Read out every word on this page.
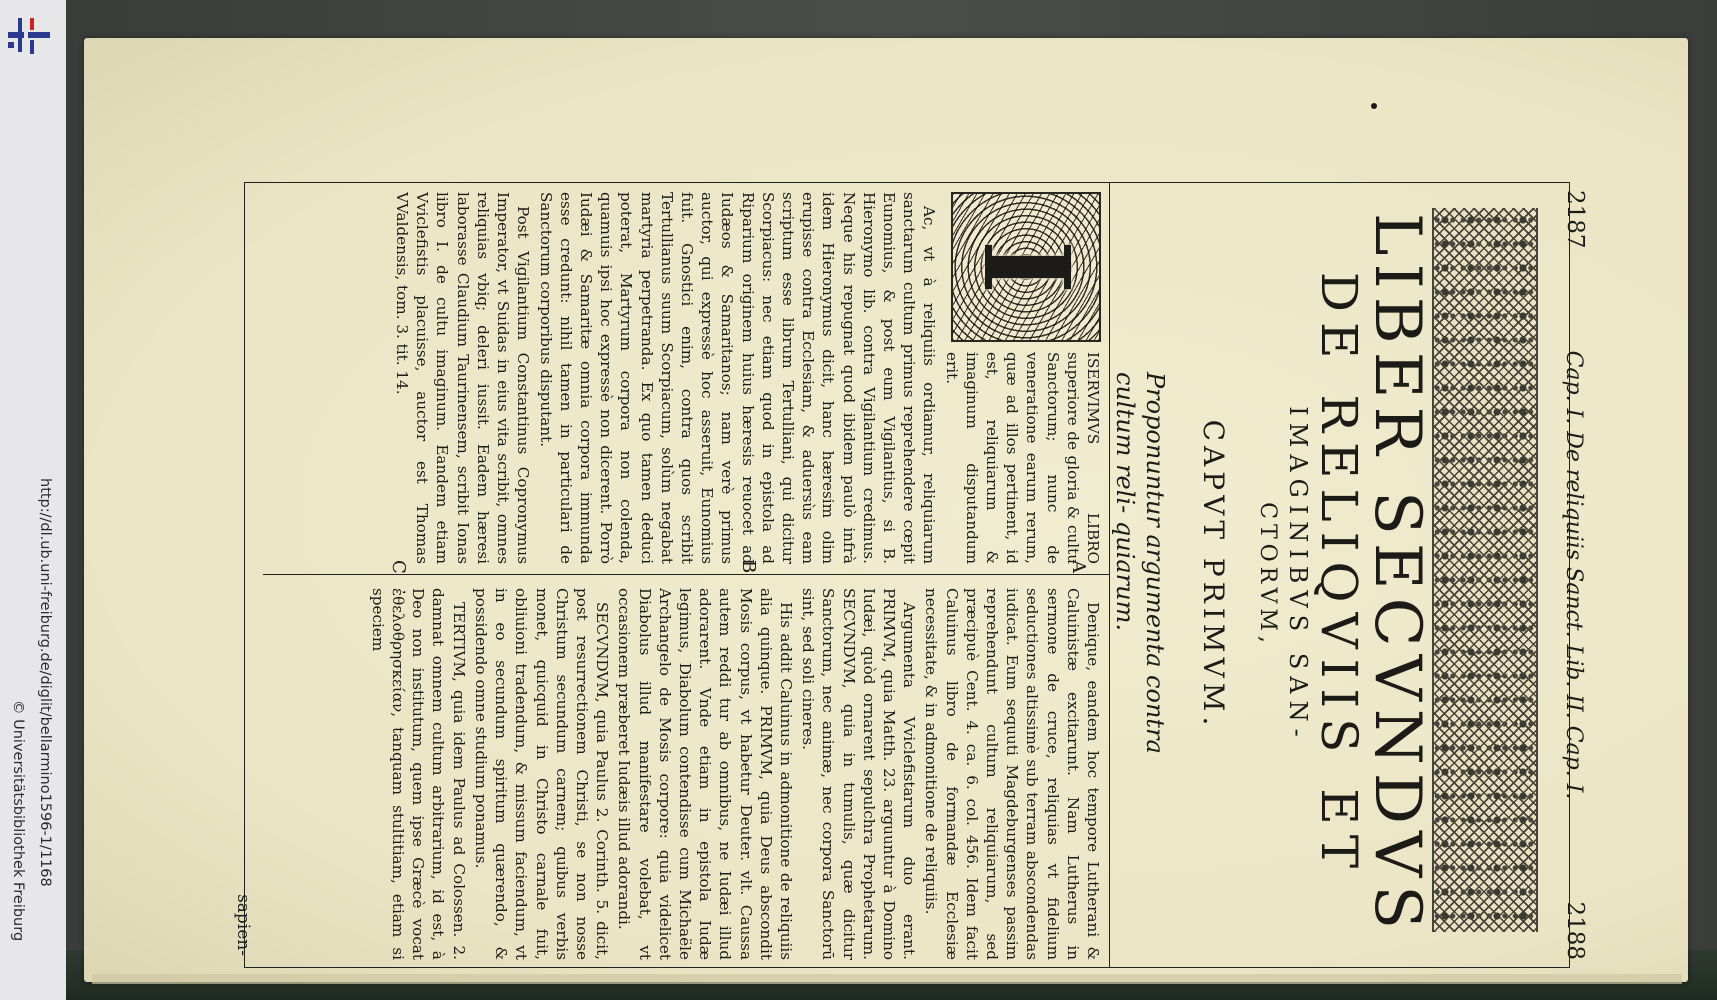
http://dl.ub.uni-freiburg.de/diglit/bellarmino1596-1/1168
© Universitätsbibliothek Freiburg
2187
Cap. I. De reliquiis Sanct. Lib. II. Cap. I.
2188
LIBER SECVNDVS
DE RELIQVIIS ET
IMAGINIBVS SAN-
CTORVM,
CAPVT PRIMVM.
Proponuntur argumenta contra cultum reli- quiarum.
I

ISERVIMVS LIBRO superiore de gloria & cultu Sanctorum; nunc de veneratione earum rerum, quæ ad illos pertinent, id est, reliquiarum & imaginum disputandum erit.

Ac, vt à reliquiis ordiamur, reliquiarum sanctarum cultum primus reprehendere cœpit Eunomius, & post eum Vigilantius, si B. Hieronymo lib. contra Vigilantium credimus. Neque his repugnat quod ibidem paulò infrà idem Hieronymus dicit, hanc hæresim olim erupisse contra Ecclesiam, & aduersùs eam scriptum esse librum Tertulliani, qui dicitur Scorpiacus: nec etiam quod in epistola ad Riparium originem huius hæresis reuocet ad Iudæos & Samaritanos; nam verè primus auctor, qui expressè hoc asseruit, Eunomius fuit. Gnostici enim, contra quos scribit Tertullianus suum Scorpiacum, solùm negabat martyria perpetranda. Ex quo tamen deduci poterat, Martyrum corpora non colenda, quamuis ipsi hoc expressè non dicerent. Porrò Iudæi & Samaritæ omnia corpora immunda esse credunt: nihil tamen in particulari de Sanctorum corporibus disputant.

Post Vigilantium Constantinus Copronymus Imperator, vt Suidas in eius vita scribit, omnes reliquias vbiq; deleri iussit. Eadem hæresi laborasse Claudium Taurinensem, scribit Ionas libro I. de cultu imaginum. Eandem etiam Vviclefistis placuisse, auctor est Thomas VValdensis, tom. 3. tit. 14.

A
B
C

Denique, eandem hoc tempore Lutherani & Caluinistæ excitarunt. Nam Lutherus in sermone de cruce, reliquias vt fidelium seductiones altissimè sub terram abscondendas iudicat. Eum sequuti Magdeburgenses passim reprehendunt cultum reliquiarum, sed præcipuè Cent. 4. ca. 6. col. 456. Idem facit Caluinus libro de formandæ Ecclesiæ necessitate, & in admonitione de reliquiis.

Argumenta Vviclefistarum duo erant. PRIMVM, quia Matth. 23. arguuntur à Domino Iudæi, quòd ornarent sepulchra Prophetarum. SECVNDVM, quia in tumulis, quæ dicitur Sanctorum, nec animæ, nec corpora Sanctorū sint, sed soli cineres.

His addit Caluinus in admonitione de reliquiis alia quinque. PRIMVM, quia Deus abscondit Mosis corpus, vt habetur Deuter. vlt. Caussa autem reddi tur ab omnibus, ne Iudæi illud adorarent. Vnde etiam in epistola Iudæ legimus, Diabolum contendisse cum Michaële Archangelo de Mosis corpore: quia videlicet Diabolus illud manifestare volebat, vt occasionem præberet Iudæis illud adorandi.

SECVNDVM, quia Paulus 2. Corinth. 5. dicit, post resurrectionem Christi, se non nosse Christum secundum carnem; quibus verbis monet, quicquid in Christo carnale fuit, obliuioni tradendum, & missum faciendum, vt in eo secundum spiritum quærendo, & possidendo omne studium ponamus.

TERTIVM, quia idem Paulus ad Colossen. 2. damnat omnem cultum arbitrarium, id est, à Deo non institutum, quem ipse Græcè vocat ἐθελοθρησκείαν, tanquam stultitiam, etiam si speciem

sapien-
